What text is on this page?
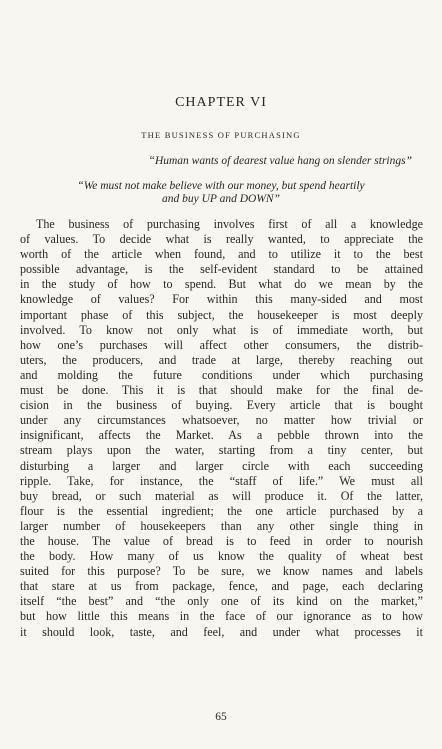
CHAPTER VI
THE BUSINESS OF PURCHASING
“Human wants of dearest value hang on slender strings”
“We must not make believe with our money, but spend heartily
and buy UP and DOWN”
The business of purchasing involves first of all a knowledge
of values. To decide what is really wanted, to appreciate the
worth of the article when found, and to utilize it to the best
possible advantage, is the self-evident standard to be attained
in the study of how to spend. But what do we mean by the
knowledge of values? For within this many-sided and most
important phase of this subject, the housekeeper is most deeply
involved. To know not only what is of immediate worth, but
how one’s purchases will affect other consumers, the distrib-
uters, the producers, and trade at large, thereby reaching out
and molding the future conditions under which purchasing
must be done. This it is that should make for the final de-
cision in the business of buying. Every article that is bought
under any circumstances whatsoever, no matter how trivial or
insignificant, affects the Market. As a pebble thrown into the
stream plays upon the water, starting from a tiny center, but
disturbing a larger and larger circle with each succeeding
ripple. Take, for instance, the “staff of life.” We must all
buy bread, or such material as will produce it. Of the latter,
flour is the essential ingredient; the one article purchased by a
larger number of housekeepers than any other single thing in
the house. The value of bread is to feed in order to nourish
the body. How many of us know the quality of wheat best
suited for this purpose? To be sure, we know names and labels
that stare at us from package, fence, and page, each declaring
itself “the best” and “the only one of its kind on the market,”
but how little this means in the face of our ignorance as to how
it should look, taste, and feel, and under what processes it
65
